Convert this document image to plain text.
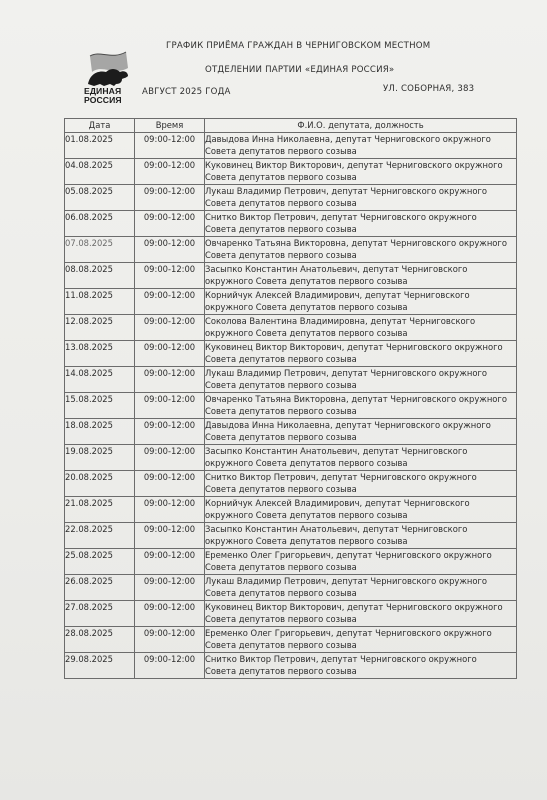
ЕДИНАЯ
РОССИЯ
ГРАФИК ПРИЁМА ГРАЖДАН В ЧЕРНИГОВСКОМ МЕСТНОМ
ОТДЕЛЕНИИ ПАРТИИ «ЕДИНАЯ РОССИЯ»
АВГУСТ 2025 ГОДА	УЛ. СОБОРНАЯ, 383
Дата	Время	Ф.И.О. депутата, должность
01.08.2025	09:00-12:00	Давыдова Инна Николаевна, депутат Черниговского окружного
Совета депутатов первого созыва

04.08.2025	09:00-12:00	Куковинец Виктор Викторович, депутат Черниговского окружного
Совета депутатов первого созыва

05.08.2025	09:00-12:00	Лукаш Владимир Петрович, депутат Черниговского окружного
Совета депутатов первого созыва

06.08.2025	09:00-12:00	Снитко Виктор Петрович, депутат Черниговского окружного
Совета депутатов первого созыва

07.08.2025	09:00-12:00	Овчаренко Татьяна Викторовна, депутат Черниговского окружного
Совета депутатов первого созыва

08.08.2025	09:00-12:00	Засыпко Константин Анатольевич, депутат Черниговского
окружного Совета депутатов первого созыва

11.08.2025	09:00-12:00	Корнийчук Алексей Владимирович, депутат Черниговского
окружного Совета депутатов первого созыва

12.08.2025	09:00-12:00	Соколова Валентина Владимировна, депутат Черниговского
окружного Совета депутатов первого созыва

13.08.2025	09:00-12:00	Куковинец Виктор Викторович, депутат Черниговского окружного
Совета депутатов первого созыва

14.08.2025	09:00-12:00	Лукаш Владимир Петрович, депутат Черниговского окружного
Совета депутатов первого созыва

15.08.2025	09:00-12:00	Овчаренко Татьяна Викторовна, депутат Черниговского окружного
Совета депутатов первого созыва

18.08.2025	09:00-12:00	Давыдова Инна Николаевна, депутат Черниговского окружного
Совета депутатов первого созыва

19.08.2025	09:00-12:00	Засыпко Константин Анатольевич, депутат Черниговского
окружного Совета депутатов первого созыва

20.08.2025	09:00-12:00	Снитко Виктор Петрович, депутат Черниговского окружного
Совета депутатов первого созыва

21.08.2025	09:00-12:00	Корнийчук Алексей Владимирович, депутат Черниговского
окружного Совета депутатов первого созыва

22.08.2025	09:00-12:00	Засыпко Константин Анатольевич, депутат Черниговского
окружного Совета депутатов первого созыва

25.08.2025	09:00-12:00	Еременко Олег Григорьевич, депутат Черниговского окружного
Совета депутатов первого созыва

26.08.2025	09:00-12:00	Лукаш Владимир Петрович, депутат Черниговского окружного
Совета депутатов первого созыва

27.08.2025	09:00-12:00	Куковинец Виктор Викторович, депутат Черниговского окружного
Совета депутатов первого созыва

28.08.2025	09:00-12:00	Еременко Олег Григорьевич, депутат Черниговского окружного
Совета депутатов первого созыва

29.08.2025	09:00-12:00	Снитко Виктор Петрович, депутат Черниговского окружного
Совета депутатов первого созыва
